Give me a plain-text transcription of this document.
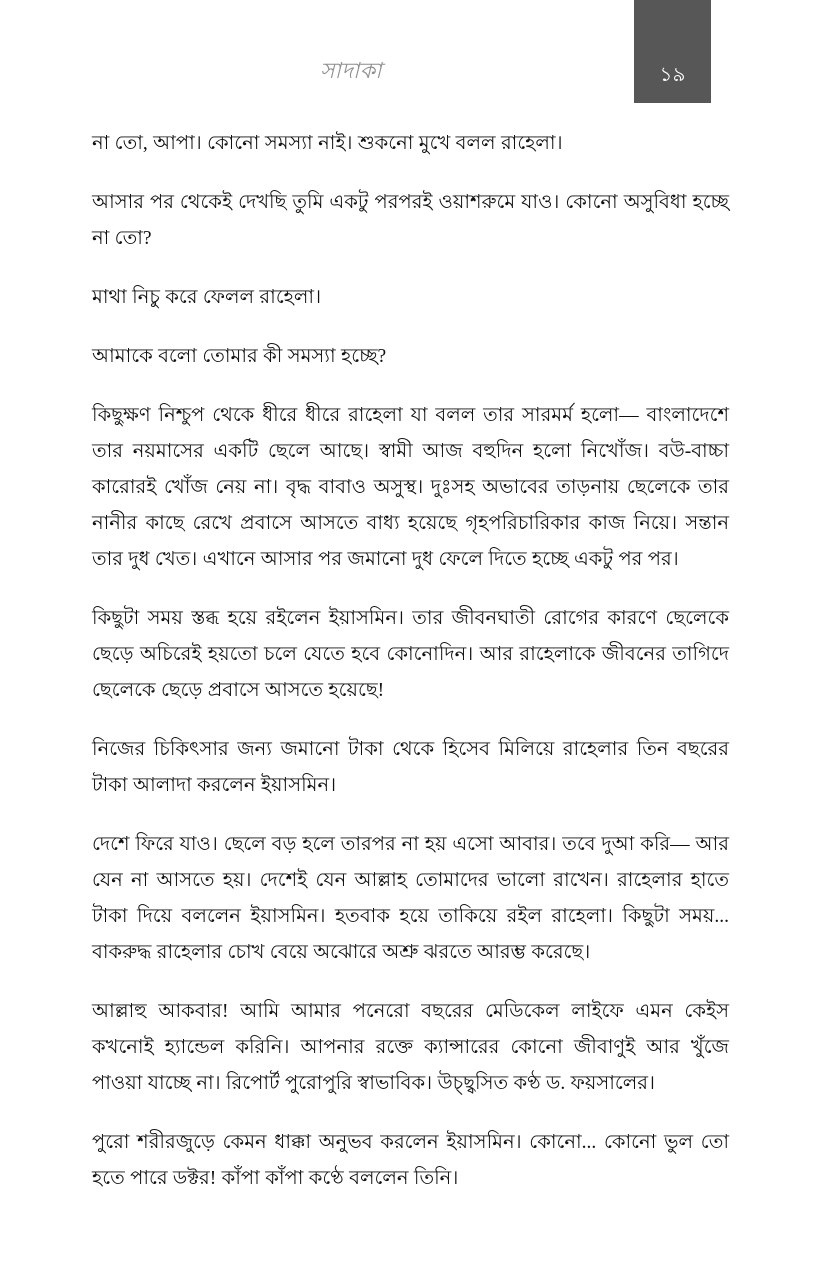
সাদাকা	১৯

না তো, আপা। কোনো সমস্যা নাই। শুকনো মুখে বলল রাহেলা।

আসার পর থেকেই দেখছি তুমি একটু পরপরই ওয়াশরুমে যাও। কোনো অসুবিধা হচ্ছে না তো?

মাথা নিচু করে ফেলল রাহেলা।

আমাকে বলো তোমার কী সমস্যা হচ্ছে?

কিছুক্ষণ নিশ্চুপ থেকে ধীরে ধীরে রাহেলা যা বলল তার সারমর্ম হলো— বাংলাদেশে তার নয়মাসের একটি ছেলে আছে। স্বামী আজ বহুদিন হলো নিখোঁজ। বউ-বাচ্চা কারোরই খোঁজ নেয় না। বৃদ্ধ বাবাও অসুস্থ। দুঃসহ অভাবের তাড়নায় ছেলেকে তার নানীর কাছে রেখে প্রবাসে আসতে বাধ্য হয়েছে গৃহপরিচারিকার কাজ নিয়ে। সন্তান তার দুধ খেত। এখানে আসার পর জমানো দুধ ফেলে দিতে হচ্ছে একটু পর পর।

কিছুটা সময় স্তব্ধ হয়ে রইলেন ইয়াসমিন। তার জীবনঘাতী রোগের কারণে ছেলেকে ছেড়ে অচিরেই হয়তো চলে যেতে হবে কোনোদিন। আর রাহেলাকে জীবনের তাগিদে ছেলেকে ছেড়ে প্রবাসে আসতে হয়েছে!

নিজের চিকিৎসার জন্য জমানো টাকা থেকে হিসেব মিলিয়ে রাহেলার তিন বছরের টাকা আলাদা করলেন ইয়াসমিন।

দেশে ফিরে যাও। ছেলে বড় হলে তারপর না হয় এসো আবার। তবে দুআ করি— আর যেন না আসতে হয়। দেশেই যেন আল্লাহ তোমাদের ভালো রাখেন। রাহেলার হাতে টাকা দিয়ে বললেন ইয়াসমিন। হতবাক হয়ে তাকিয়ে রইল রাহেলা। কিছুটা সময়... বাকরুদ্ধ রাহেলার চোখ বেয়ে অঝোরে অশ্রু ঝরতে আরম্ভ করেছে।

আল্লাহু আকবার! আমি আমার পনেরো বছরের মেডিকেল লাইফে এমন কেইস কখনোই হ্যান্ডেল করিনি। আপনার রক্তে ক্যান্সারের কোনো জীবাণুই আর খুঁজে পাওয়া যাচ্ছে না। রিপোর্ট পুরোপুরি স্বাভাবিক। উচ্ছ্বসিত কণ্ঠ ড. ফয়সালের।

পুরো শরীরজুড়ে কেমন ধাক্কা অনুভব করলেন ইয়াসমিন। কোনো... কোনো ভুল তো হতে পারে ডক্টর! কাঁপা কাঁপা কণ্ঠে বললেন তিনি।
